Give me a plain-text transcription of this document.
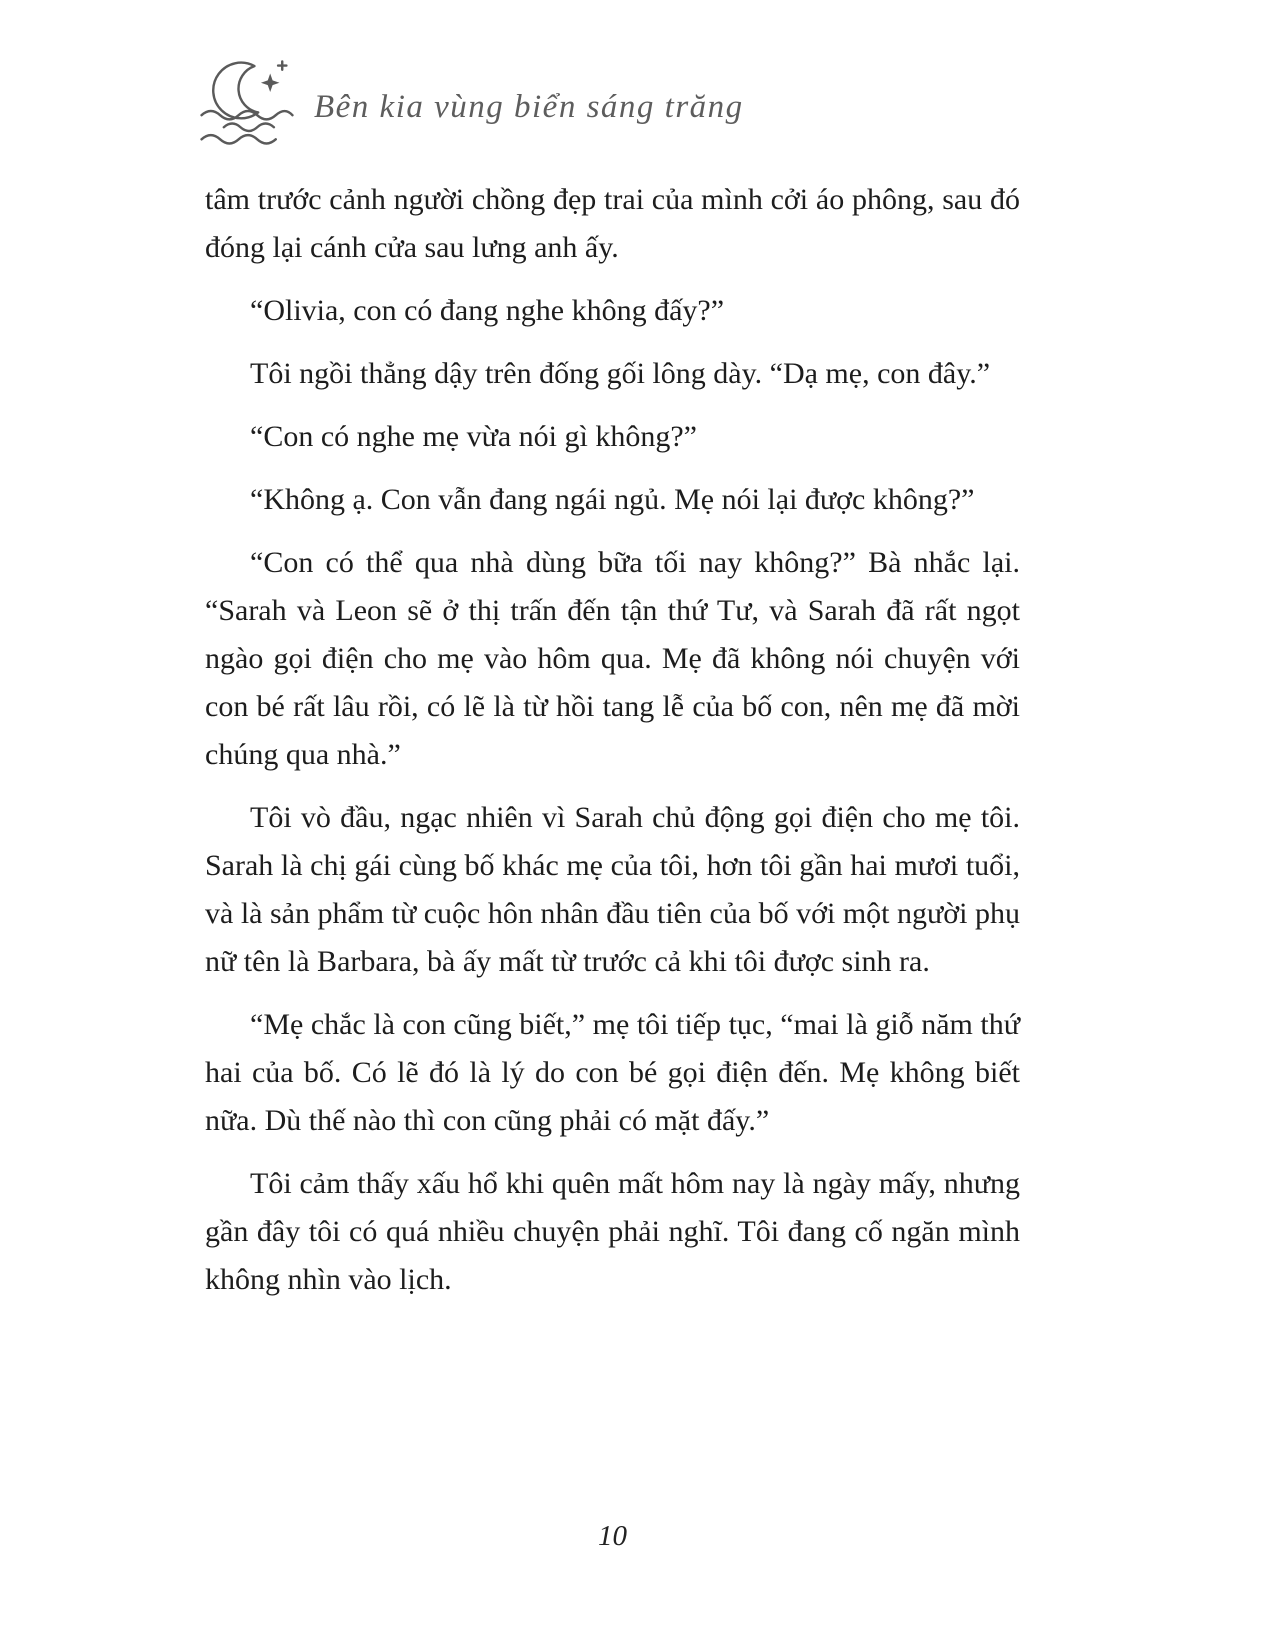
Bên kia vùng biển sáng trăng

tâm trước cảnh người chồng đẹp trai của mình cởi áo phông, sau đó đóng lại cánh cửa sau lưng anh ấy.

“Olivia, con có đang nghe không đấy?”

Tôi ngồi thẳng dậy trên đống gối lông dày. “Dạ mẹ, con đây.”

“Con có nghe mẹ vừa nói gì không?”

“Không ạ. Con vẫn đang ngái ngủ. Mẹ nói lại được không?”

“Con có thể qua nhà dùng bữa tối nay không?” Bà nhắc lại. “Sarah và Leon sẽ ở thị trấn đến tận thứ Tư, và Sarah đã rất ngọt ngào gọi điện cho mẹ vào hôm qua. Mẹ đã không nói chuyện với con bé rất lâu rồi, có lẽ là từ hồi tang lễ của bố con, nên mẹ đã mời chúng qua nhà.”

Tôi vò đầu, ngạc nhiên vì Sarah chủ động gọi điện cho mẹ tôi. Sarah là chị gái cùng bố khác mẹ của tôi, hơn tôi gần hai mươi tuổi, và là sản phẩm từ cuộc hôn nhân đầu tiên của bố với một người phụ nữ tên là Barbara, bà ấy mất từ trước cả khi tôi được sinh ra.

“Mẹ chắc là con cũng biết,” mẹ tôi tiếp tục, “mai là giỗ năm thứ hai của bố. Có lẽ đó là lý do con bé gọi điện đến. Mẹ không biết nữa. Dù thế nào thì con cũng phải có mặt đấy.”

Tôi cảm thấy xấu hổ khi quên mất hôm nay là ngày mấy, nhưng gần đây tôi có quá nhiều chuyện phải nghĩ. Tôi đang cố ngăn mình không nhìn vào lịch.

10
